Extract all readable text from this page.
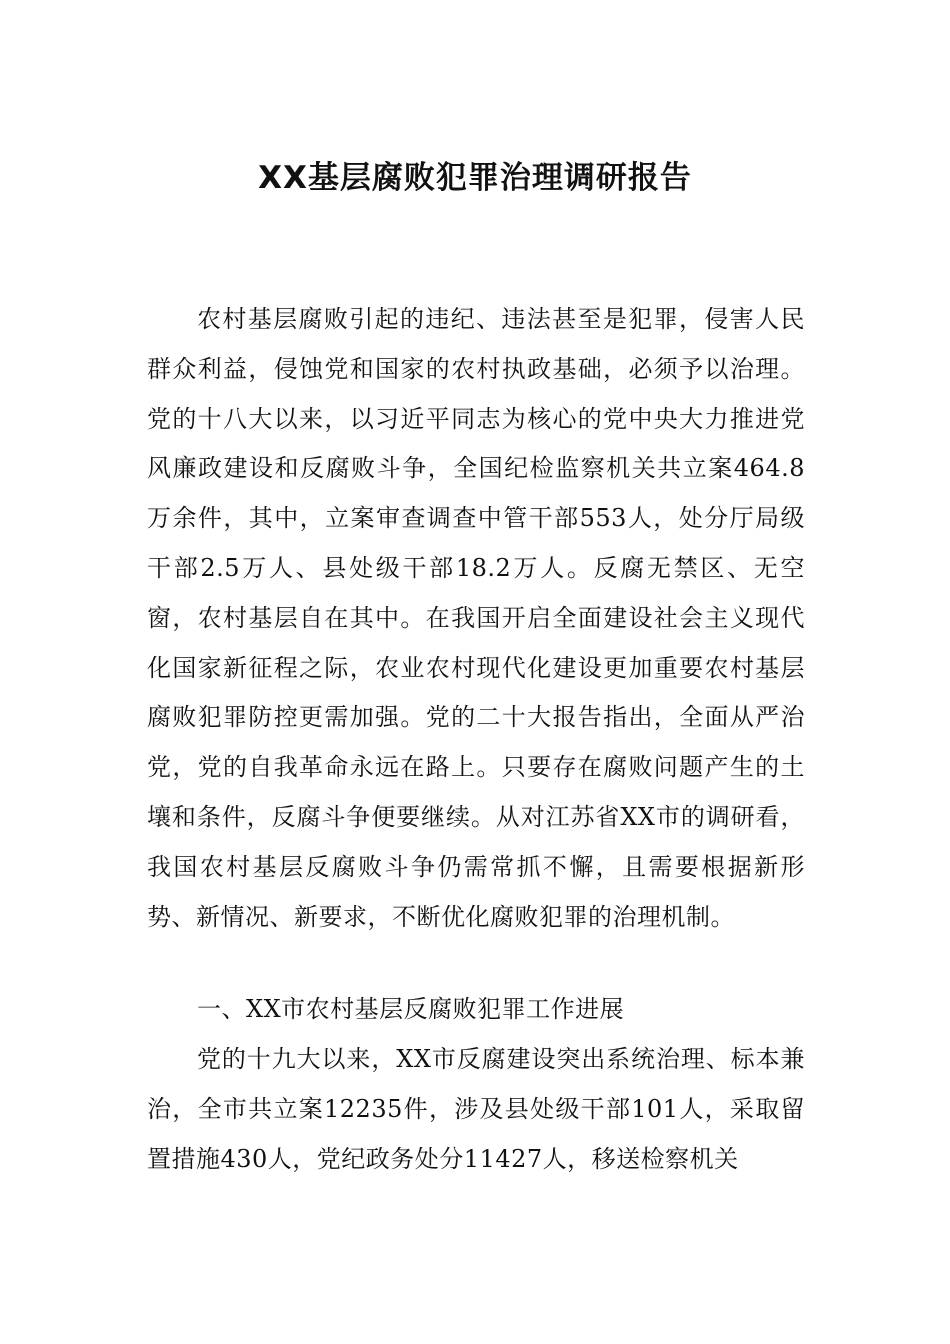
XX基层腐败犯罪治理调研报告

农村基层腐败引起的违纪、违法甚至是犯罪，侵害人民群众利益，侵蚀党和国家的农村执政基础，必须予以治理。党的十八大以来，以习近平同志为核心的党中央大力推进党风廉政建设和反腐败斗争，全国纪检监察机关共立案464.8万余件，其中，立案审查调查中管干部553人，处分厅局级干部2.5万人、县处级干部18.2万人。反腐无禁区、无空窗，农村基层自在其中。在我国开启全面建设社会主义现代化国家新征程之际，农业农村现代化建设更加重要农村基层腐败犯罪防控更需加强。党的二十大报告指出，全面从严治党，党的自我革命永远在路上。只要存在腐败问题产生的土壤和条件，反腐斗争便要继续。从对江苏省XX市的调研看，我国农村基层反腐败斗争仍需常抓不懈，且需要根据新形势、新情况、新要求，不断优化腐败犯罪的治理机制。

一、XX市农村基层反腐败犯罪工作进展

党的十九大以来，XX市反腐建设突出系统治理、标本兼治，全市共立案12235件，涉及县处级干部101人，采取留置措施430人，党纪政务处分11427人，移送检察机关
